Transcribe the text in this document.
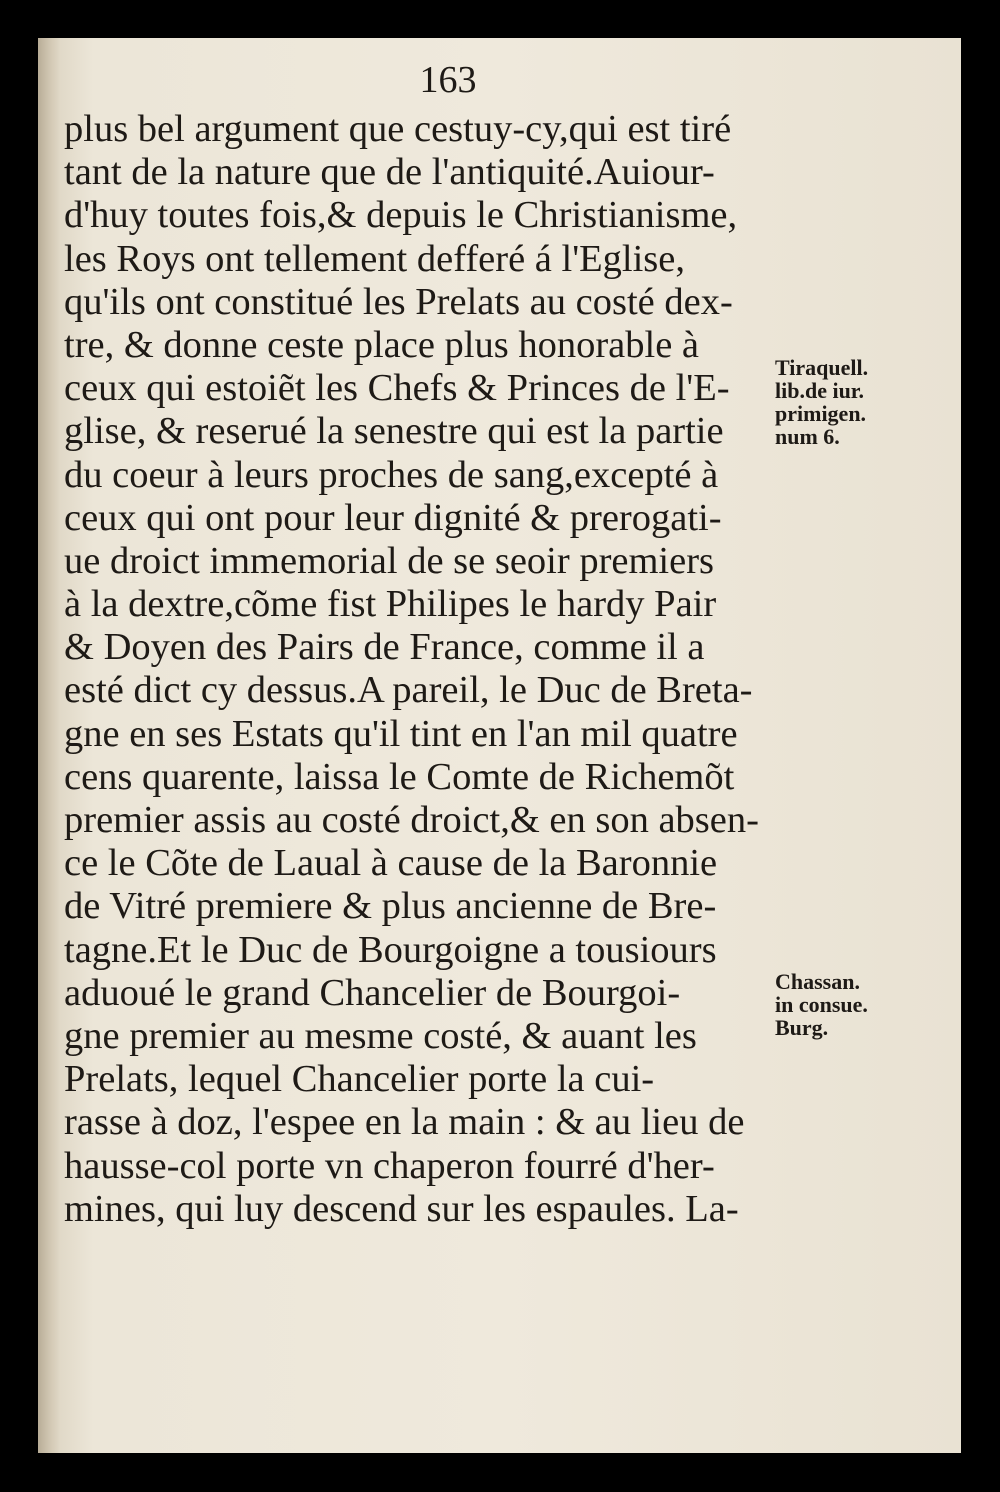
163
plus bel argument que cestuy-cy,qui est tiré
tant de la nature que de l'antiquité.Auiour-
d'huy toutes fois,& depuis le Christianisme,
les Roys ont tellement defferé á l'Eglise,
qu'ils ont constitué les Prelats au costé dex-
tre, & donne ceste place plus honorable à
ceux qui estoiẽt les Chefs & Princes de l'E-
glise, & reserué la senestre qui est la partie
du coeur à leurs proches de sang,excepté à
ceux qui ont pour leur dignité & prerogati-
ue droict immemorial de se seoir premiers
à la dextre,cõme fist Philipes le hardy Pair
& Doyen des Pairs de France, comme il a
esté dict cy dessus.A pareil, le Duc de Breta-
gne en ses Estats qu'il tint en l'an mil quatre
cens quarente, laissa le Comte de Richemõt
premier assis au costé droict,& en son absen-
ce le Cõte de Laual à cause de la Baronnie
de Vitré premiere & plus ancienne de Bre-
tagne.Et le Duc de Bourgoigne a tousiours
aduoué le grand Chancelier de Bourgoi-
gne premier au mesme costé, & auant les
Prelats, lequel Chancelier porte la cui-
rasse à doz, l'espee en la main : & au lieu de
hausse-col porte vn chaperon fourré d'her-
mines, qui luy descend sur les espaules. La-
Tiraquell.
lib.de iur.
primigen.
num 6.
Chassan.
in consue.
Burg.
